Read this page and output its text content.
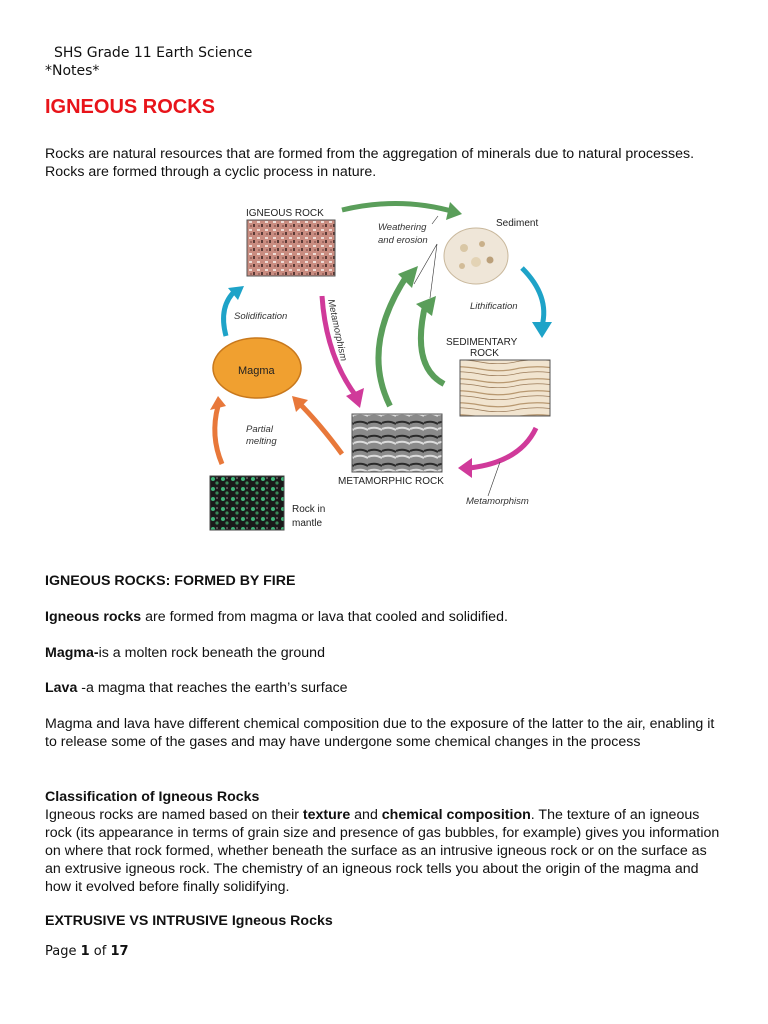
SHS Grade 11 Earth Science
*Notes*
IGNEOUS ROCKS
Rocks are natural resources that are formed from the aggregation of minerals due to natural processes. Rocks are formed through a cyclic process in nature.
IGNEOUS ROCK
Weathering
and erosion
Sediment
Lithification
SEDIMENTARY
ROCK
Solidification
Magma
Metamorphism
Partial
melting
METAMORPHIC ROCK
Metamorphism
Rock in
mantle
IGNEOUS ROCKS: FORMED BY FIRE
Igneous rocks are formed from magma or lava that cooled and solidified.
Magma-is a molten rock beneath the ground
Lava -a magma that reaches the earth’s surface
Magma and lava have different chemical composition due to the exposure of the latter to the air, enabling it to release some of the gases and may have undergone some chemical changes in the process
Classification of Igneous Rocks
Igneous rocks are named based on their texture and chemical composition. The texture of an igneous rock (its appearance in terms of grain size and presence of gas bubbles, for example) gives you information on where that rock formed, whether beneath the surface as an intrusive igneous rock or on the surface as an extrusive igneous rock. The chemistry of an igneous rock tells you about the origin of the magma and how it evolved before finally solidifying.
EXTRUSIVE VS INTRUSIVE Igneous Rocks
Page 1 of 17
